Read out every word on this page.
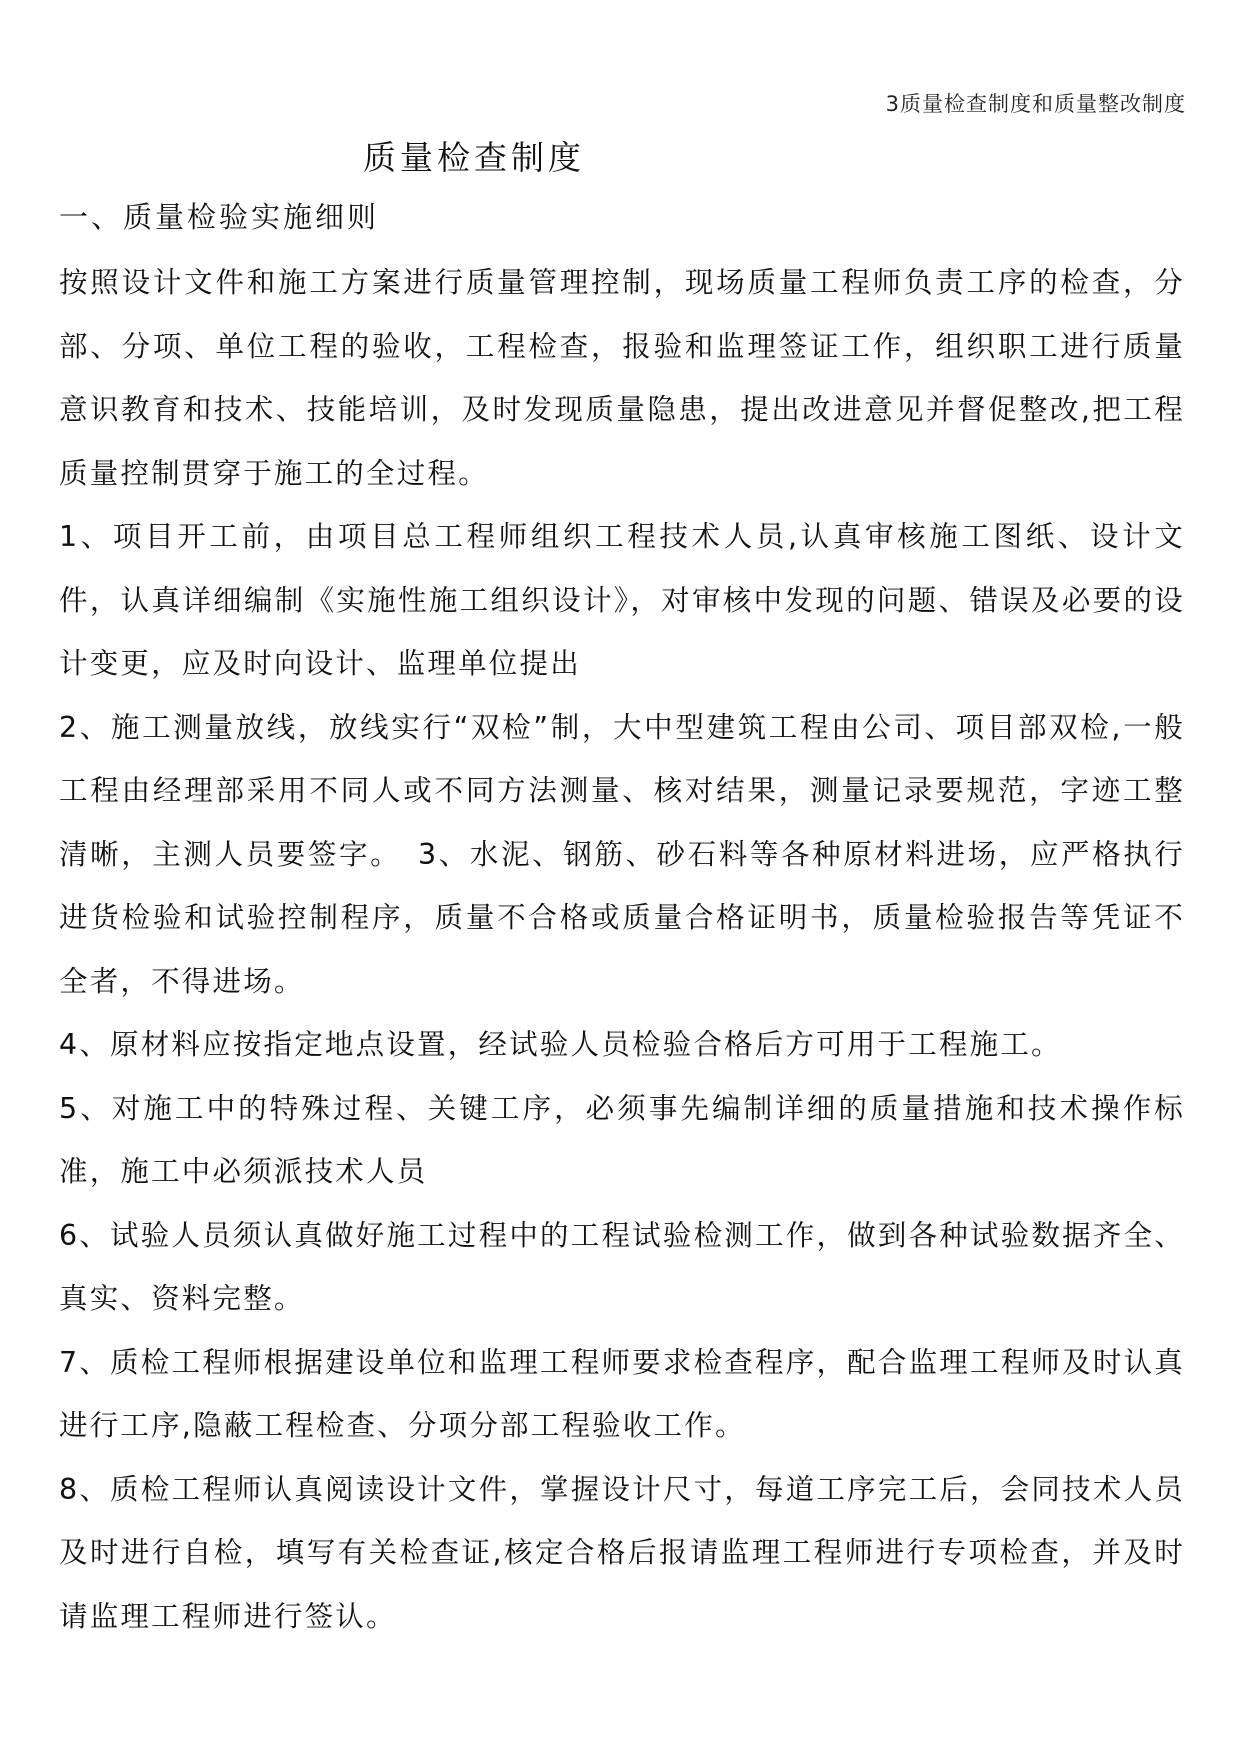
3质量检查制度和质量整改制度
质量检查制度
一、质量检验实施细则

按照设计文件和施工方案进行质量管理控制，现场质量工程师负责工序的检查，分部、分项、单位工程的验收，工程检查，报验和监理签证工作，组织职工进行质量意识教育和技术、技能培训，及时发现质量隐患，提出改进意见并督促整改,把工程质量控制贯穿于施工的全过程。

1、项目开工前，由项目总工程师组织工程技术人员,认真审核施工图纸、设计文件，认真详细编制《实施性施工组织设计》，对审核中发现的问题、错误及必要的设计变更，应及时向设计、监理单位提出

2、施工测量放线，放线实行“双检”制，大中型建筑工程由公司、项目部双检,一般工程由经理部采用不同人或不同方法测量、核对结果，测量记录要规范，字迹工整清晰，主测人员要签字。　3、水泥、钢筋、砂石料等各种原材料进场，应严格执行进货检验和试验控制程序，质量不合格或质量合格证明书，质量检验报告等凭证不全者，不得进场。

4、原材料应按指定地点设置，经试验人员检验合格后方可用于工程施工。

5、对施工中的特殊过程、关键工序，必须事先编制详细的质量措施和技术操作标准，施工中必须派技术人员

6、试验人员须认真做好施工过程中的工程试验检测工作，做到各种试验数据齐全、真实、资料完整。

7、质检工程师根据建设单位和监理工程师要求检查程序，配合监理工程师及时认真进行工序,隐蔽工程检查、分项分部工程验收工作。

8、质检工程师认真阅读设计文件，掌握设计尺寸，每道工序完工后，会同技术人员及时进行自检，填写有关检查证,核定合格后报请监理工程师进行专项检查，并及时请监理工程师进行签认。
